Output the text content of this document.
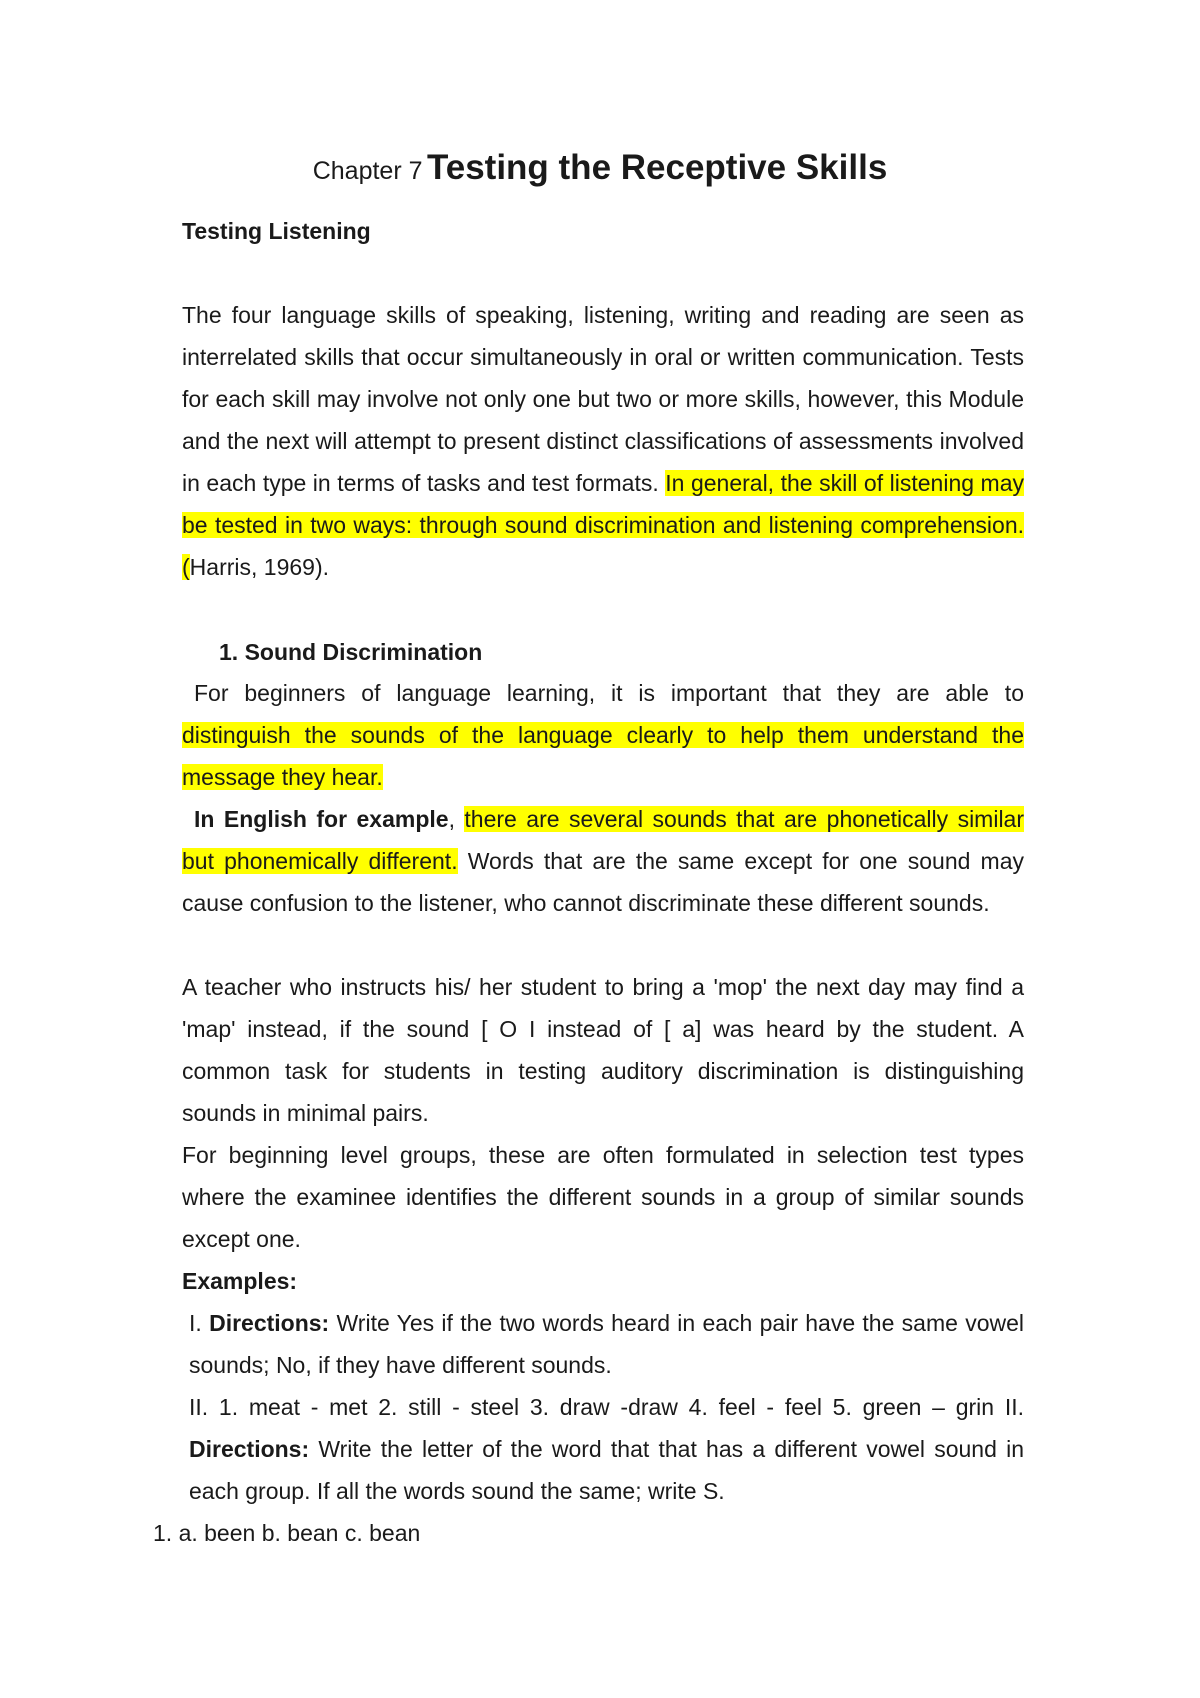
Chapter 7 Testing the Receptive Skills
Testing Listening

The four language skills of speaking, listening, writing and reading are seen as interrelated skills that occur simultaneously in oral or written communication. Tests for each skill may involve not only one but two or more skills, however, this Module and the next will attempt to present distinct classifications of assessments involved in each type in terms of tasks and test formats. In general, the skill of listening may be tested in two ways: through sound discrimination and listening comprehension.(Harris, 1969).

1. Sound Discrimination

For beginners of language learning, it is important that they are able to distinguish the sounds of the language clearly to help them understand the message they hear.

In English for example, there are several sounds that are phonetically similar but phonemically different. Words that are the same except for one sound may cause confusion to the listener, who cannot discriminate these different sounds.

A teacher who instructs his/ her student to bring a 'mop' the next day may find a 'map' instead, if the sound [ O I instead of [ a] was heard by the student. A common task for students in testing auditory discrimination is distinguishing sounds in minimal pairs.

For beginning level groups, these are often formulated in selection test types where the examinee identifies the different sounds in a group of similar sounds except one.

Examples:

I. Directions: Write Yes if the two words heard in each pair have the same vowel sounds; No, if they have different sounds.

II. 1. meat - met 2. still - steel 3. draw -draw 4. feel - feel 5. green – grin II.

Directions: Write the letter of the word that that has a different vowel sound in each group. If all the words sound the same; write S.

1. a. been b. bean c. bean
